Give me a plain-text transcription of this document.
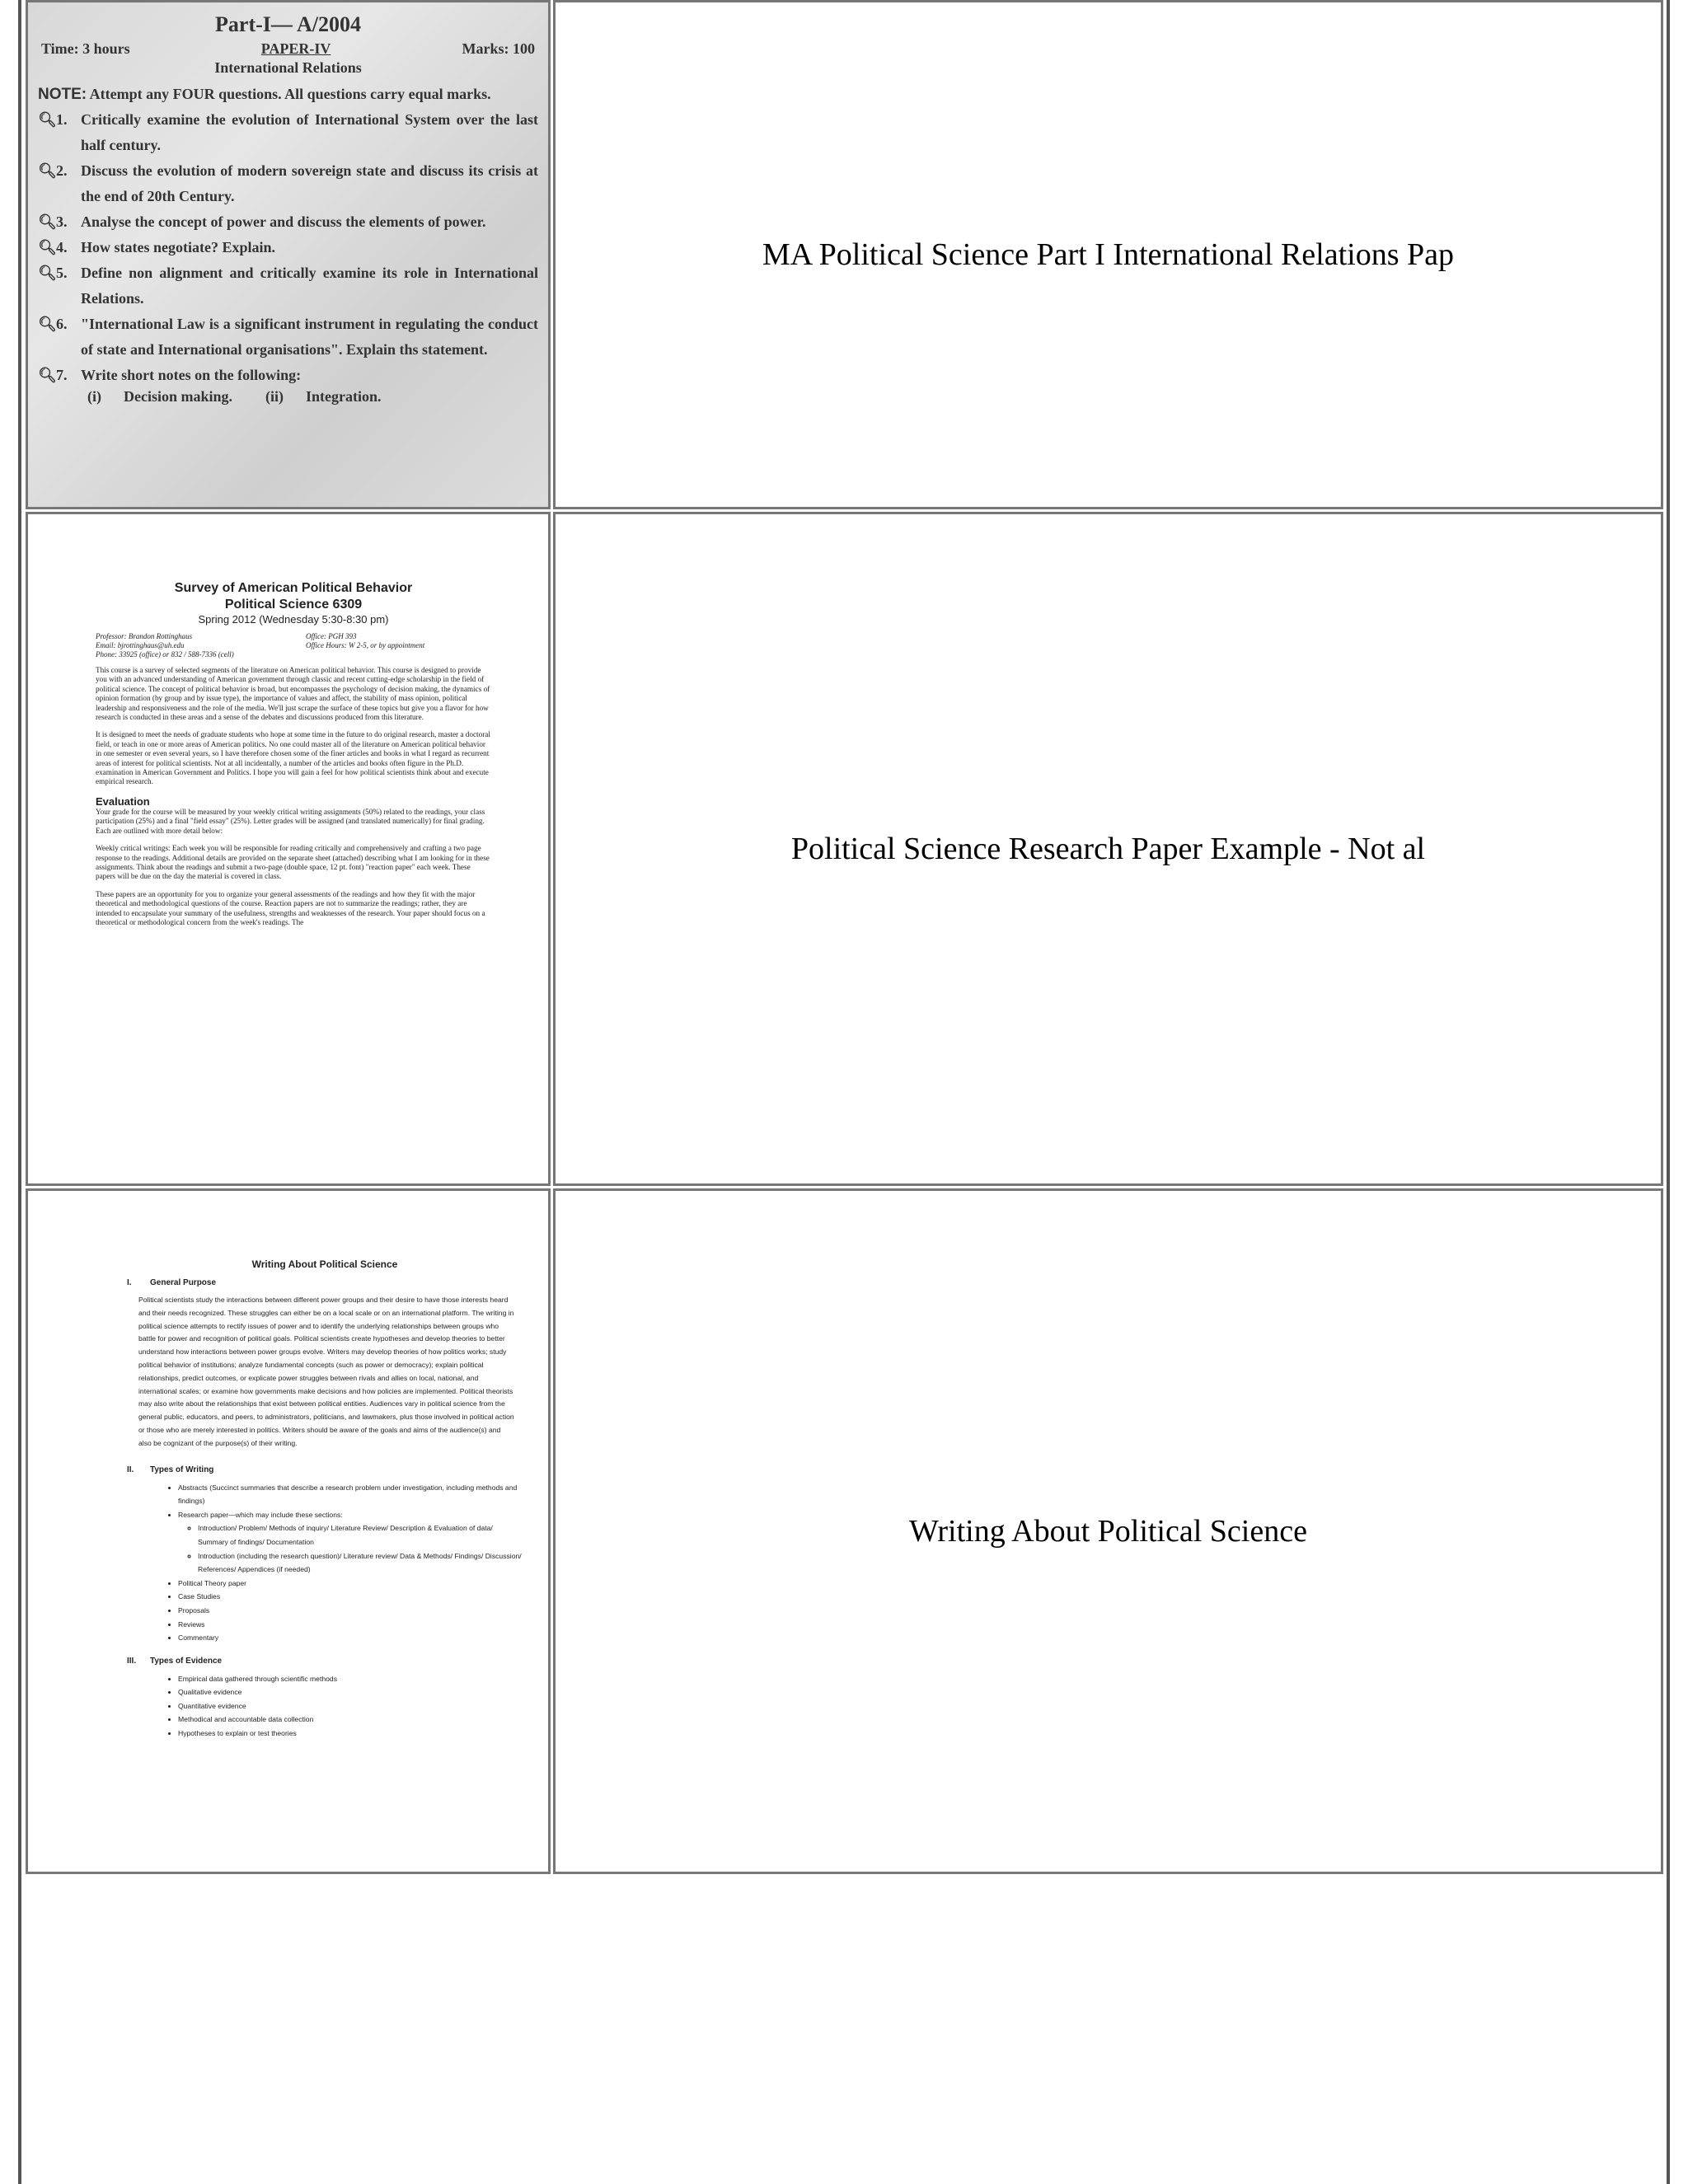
Part-I— A/2004
Time: 3 hours	PAPER-IV	Marks: 100
International Relations
NOTE: Attempt any FOUR questions. All questions carry equal marks.
🔍︎ 1. Critically examine the evolution of International System over the last half century.
🔍︎ 2. Discuss the evolution of modern sovereign state and discuss its crisis at the end of 20th Century.
🔍︎ 3. Analyse the concept of power and discuss the elements of power.
🔍︎ 4. How states negotiate? Explain.
🔍︎ 5. Define non alignment and critically examine its role in International Relations.
🔍︎ 6. "International Law is a significant instrument in regulating the conduct of state and International organisations". Explain ths statement.
🔍︎ 7. Write short notes on the following:
(i)      Decision making. (ii)      Integration.
MA Political Science Part I International Relations Pap
Survey of American Political Behavior
Political Science 6309
Spring 2012 (Wednesday 5:30-8:30 pm)
Professor: Brandon Rottinghaus	Office: PGH 393
Email: bjrottinghaus@uh.edu	Office Hours: W 2-5, or by appointment
Phone: 33925 (office) or 832 / 588-7336 (cell)

This course is a survey of selected segments of the literature on American political behavior. This course is designed to provide you with an advanced understanding of American government through classic and recent cutting-edge scholarship in the field of political science. The concept of political behavior is broad, but encompasses the psychology of decision making, the dynamics of opinion formation (by group and by issue type), the importance of values and affect, the stability of mass opinion, political leadership and responsiveness and the role of the media. We'll just scrape the surface of these topics but give you a flavor for how research is conducted in these areas and a sense of the debates and discussions produced from this literature.

It is designed to meet the needs of graduate students who hope at some time in the future to do original research, master a doctoral field, or teach in one or more areas of American politics. No one could master all of the literature on American political behavior in one semester or even several years, so I have therefore chosen some of the finer articles and books in what I regard as recurrent areas of interest for political scientists. Not at all incidentally, a number of the articles and books often figure in the Ph.D. examination in American Government and Politics. I hope you will gain a feel for how political scientists think about and execute empirical research.

Evaluation

Your grade for the course will be measured by your weekly critical writing assignments (50%) related to the readings, your class participation (25%) and a final "field essay" (25%). Letter grades will be assigned (and translated numerically) for final grading. Each are outlined with more detail below:

Weekly critical writings: Each week you will be responsible for reading critically and comprehensively and crafting a two page response to the readings. Additional details are provided on the separate sheet (attached) describing what I am looking for in these assignments. Think about the readings and submit a two-page (double space, 12 pt. font) "reaction paper" each week. These papers will be due on the day the material is covered in class.

These papers are an opportunity for you to organize your general assessments of the readings and how they fit with the major theoretical and methodological questions of the course. Reaction papers are not to summarize the readings; rather, they are intended to encapsulate your summary of the usefulness, strengths and weaknesses of the research. Your paper should focus on a theoretical or methodological concern from the week's readings. The

Political Science Research Paper Example - Not al
Writing About Political Science
I. General Purpose

Political scientists study the interactions between different power groups and their desire to have those interests heard and their needs recognized. These struggles can either be on a local scale or on an international platform. The writing in political science attempts to rectify issues of power and to identify the underlying relationships between groups who battle for power and recognition of political goals. Political scientists create hypotheses and develop theories to better understand how interactions between power groups evolve. Writers may develop theories of how politics works; study political behavior of institutions; analyze fundamental concepts (such as power or democracy); explain political relationships, predict outcomes, or explicate power struggles between rivals and allies on local, national, and international scales; or examine how governments make decisions and how policies are implemented. Political theorists may also write about the relationships that exist between political entities. Audiences vary in political science from the general public, educators, and peers, to administrators, politicians, and lawmakers, plus those involved in political action or those who are merely interested in politics. Writers should be aware of the goals and aims of the audience(s) and also be cognizant of the purpose(s) of their writing.

II. Types of Writing
• Abstracts (Succinct summaries that describe a research problem under investigation, including methods and findings)
• Research paper—which may include these sections:
◦ Introduction/ Problem/ Methods of inquiry/ Literature Review/ Description & Evaluation of data/ Summary of findings/ Documentation
◦ Introduction (including the research question)/ Literature review/ Data & Methods/ Findings/ Discussion/ References/ Appendices (if needed)
• Political Theory paper
• Case Studies
• Proposals
• Reviews
• Commentary
III. Types of Evidence
• Empirical data gathered through scientific methods
• Qualitative evidence
• Quantitative evidence
• Methodical and accountable data collection
• Hypotheses to explain or test theories
Writing About Political Science
